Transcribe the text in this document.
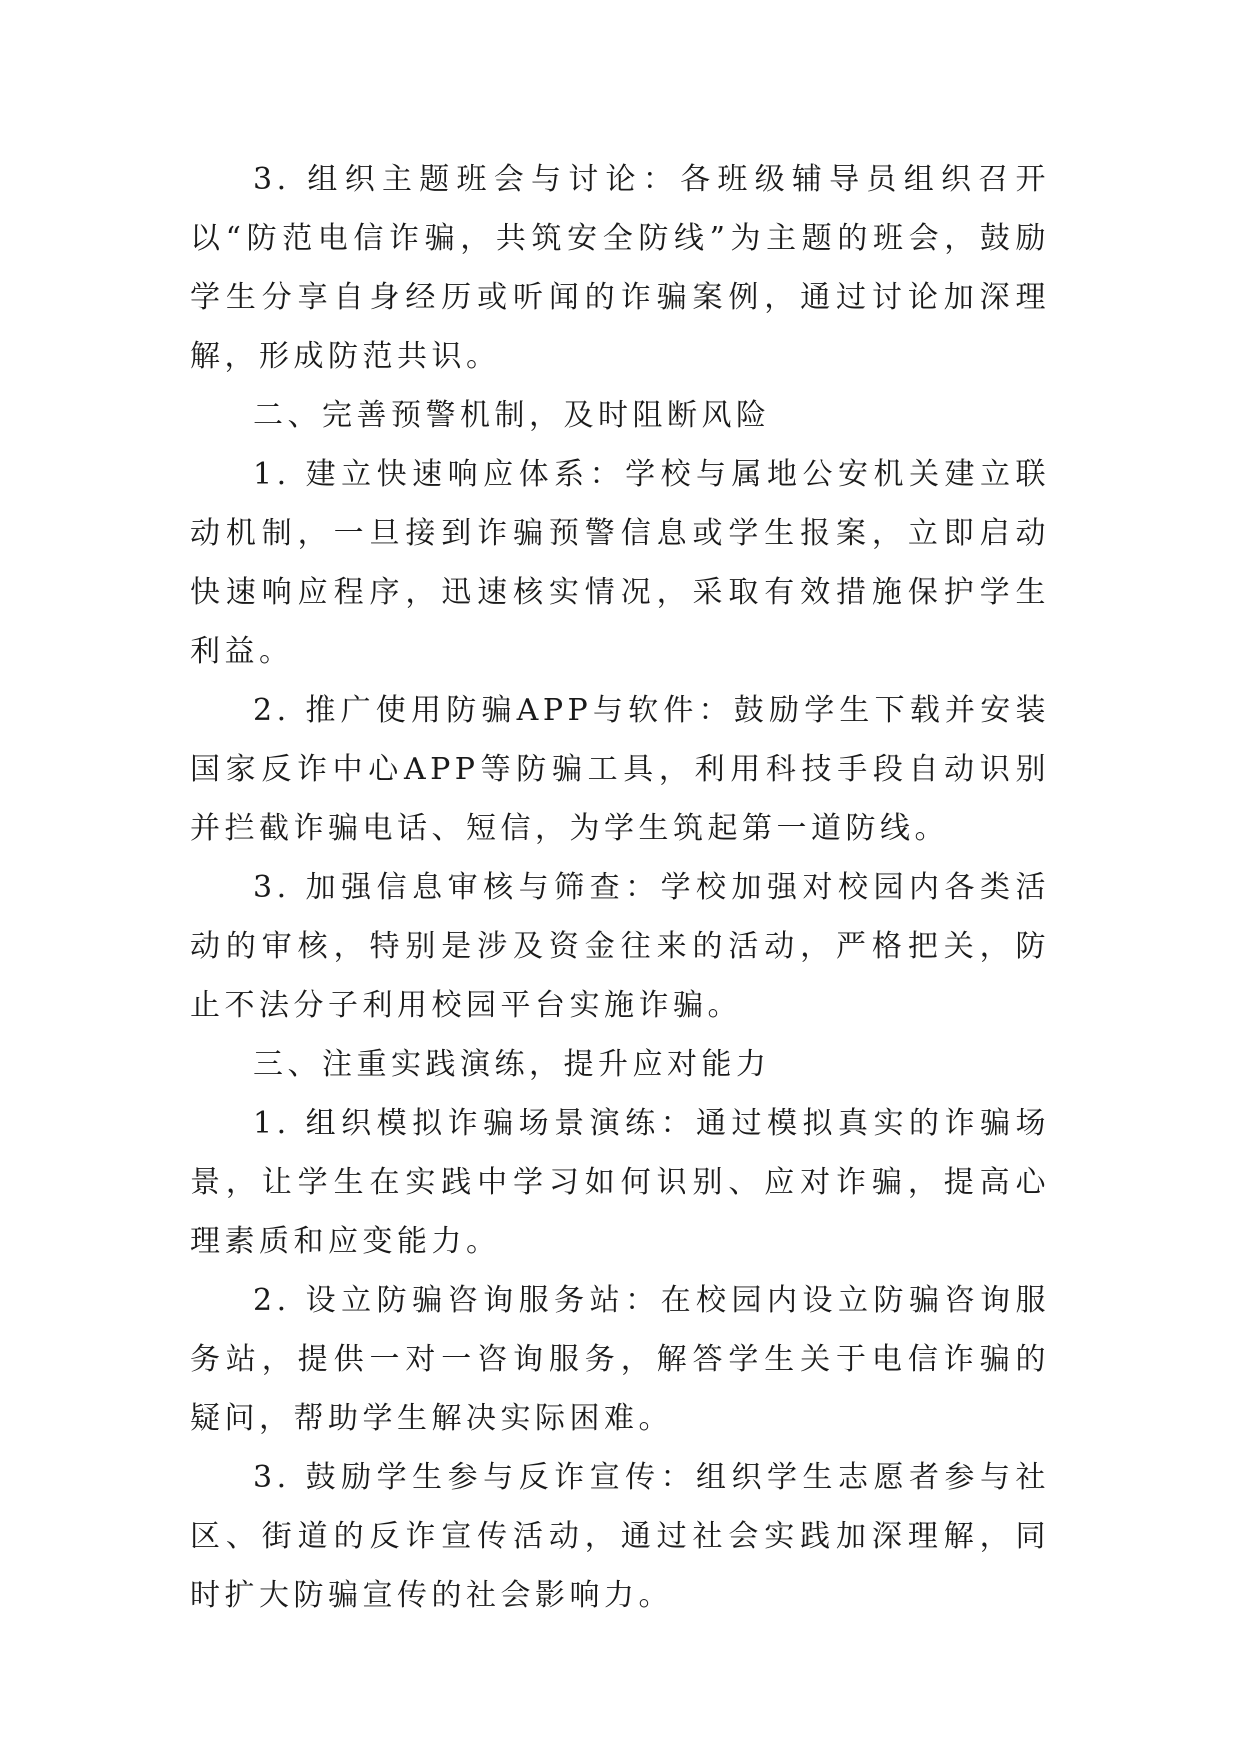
3. 组织主题班会与讨论：各班级辅导员组织召开以“防范电信诈骗，共筑安全防线”为主题的班会，鼓励学生分享自身经历或听闻的诈骗案例，通过讨论加深理解，形成防范共识。

二、完善预警机制，及时阻断风险

1. 建立快速响应体系：学校与属地公安机关建立联动机制，一旦接到诈骗预警信息或学生报案，立即启动快速响应程序，迅速核实情况，采取有效措施保护学生利益。

2. 推广使用防骗APP与软件：鼓励学生下载并安装国家反诈中心APP等防骗工具，利用科技手段自动识别并拦截诈骗电话、短信，为学生筑起第一道防线。

3. 加强信息审核与筛查：学校加强对校园内各类活动的审核，特别是涉及资金往来的活动，严格把关，防止不法分子利用校园平台实施诈骗。

三、注重实践演练，提升应对能力

1. 组织模拟诈骗场景演练：通过模拟真实的诈骗场景，让学生在实践中学习如何识别、应对诈骗，提高心理素质和应变能力。

2. 设立防骗咨询服务站：在校园内设立防骗咨询服务站，提供一对一咨询服务，解答学生关于电信诈骗的疑问，帮助学生解决实际困难。

3. 鼓励学生参与反诈宣传：组织学生志愿者参与社区、街道的反诈宣传活动，通过社会实践加深理解，同时扩大防骗宣传的社会影响力。
